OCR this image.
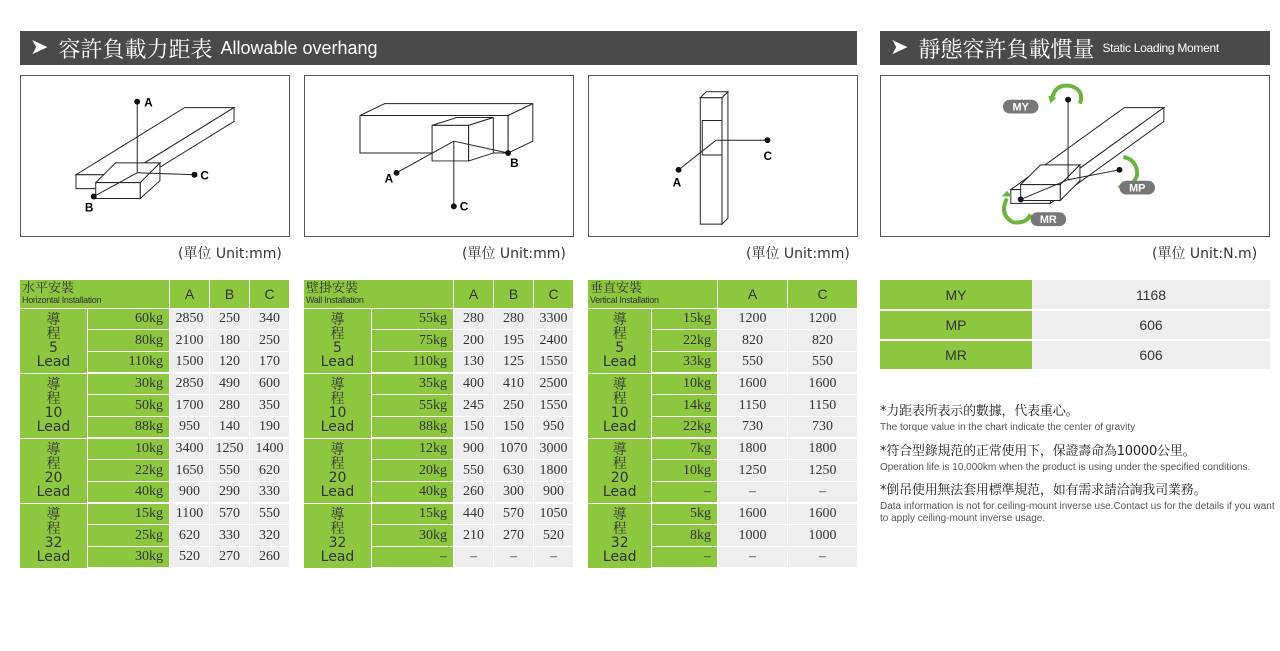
➤ 容許負載力距表 Allowable overhang	➤ 靜態容許負載慣量 Static Loading Moment
A
B
C	A
B
C
A
C
MY
MP
MR
(單位 Unit:mm)	(單位 Unit:mm)	(單位 Unit:mm)	(單位 Unit:N.m)
水平安裝
Horizontal Installation		A	B	C

導
程
5
Lead	60kg	2850	250	340
	80kg	2100	180	250
	110kg	1500	120	170

導
程
10
Lead	30kg	2850	490	600
	50kg	1700	280	350
	88kg	950	140	190

導
程
20
Lead	10kg	3400	1250	1400
	22kg	1650	550	620
	40kg	900	290	330

導
程
32
Lead	15kg	1100	570	550
	25kg	620	330	320
	30kg	520	270	260
壁掛安裝
Wall Installation		A	B	C

導
程
5
Lead	55kg	280	280	3300
	75kg	200	195	2400
	110kg	130	125	1550

導
程
10
Lead	35kg	400	410	2500
	55kg	245	250	1550
	88kg	150	150	950

導
程
20
Lead	12kg	900	1070	3000
	20kg	550	630	1800
	40kg	260	300	900

導
程
32
Lead	15kg	440	570	1050
	30kg	210	270	520
	–	–	–	–
垂直安裝
Vertical Installation		A	C

導
程
5
Lead	15kg	1200	1200
	22kg	820	820
	33kg	550	550

導
程
10
Lead	10kg	1600	1600
	14kg	1150	1150
	22kg	730	730

導
程
20
Lead	7kg	1800	1800
	10kg	1250	1250
	–	–	–

導
程
32
Lead	5kg	1600	1600
	8kg	1000	1000
	–	–	–
MY	1168
MP	606
MR	606
*力距表所表示的數據，代表重心。
The torque value in the chart indicate the center of gravity
*符合型錄規范的正常使用下，保證壽命為10000公里。
Operation life is 10,000km when the product is using under the specified conditions.
*倒吊使用無法套用標準規范，如有需求請洽詢我司業務。
Data information is not for ceiling-mount inverse use.Contact us for the details if you want to apply ceiling-mount inverse usage.
